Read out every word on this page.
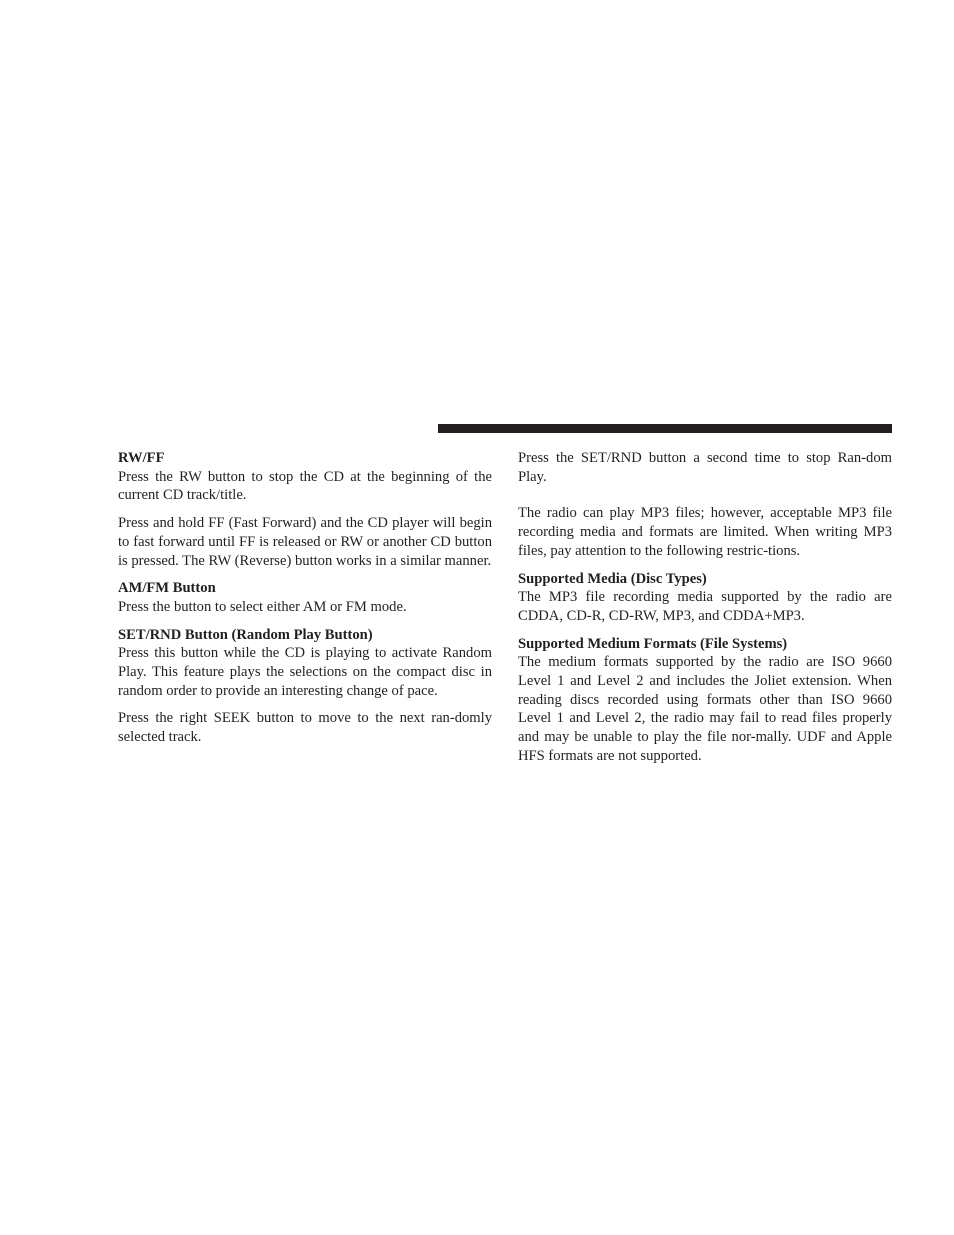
RW/FF

Press the RW button to stop the CD at the beginning of the current CD track/title.

Press and hold FF (Fast Forward) and the CD player will begin to fast forward until FF is released or RW or another CD button is pressed. The RW (Reverse) button works in a similar manner.

AM/FM Button

Press the button to select either AM or FM mode.

SET/RND Button (Random Play Button)

Press this button while the CD is playing to activate Random Play. This feature plays the selections on the compact disc in random order to provide an interesting change of pace.

Press the right SEEK button to move to the next ran-domly selected track.

Press the SET/RND button a second time to stop Ran-dom Play.

The radio can play MP3 files; however, acceptable MP3 file recording media and formats are limited. When writing MP3 files, pay attention to the following restric-tions.

Supported Media (Disc Types)

The MP3 file recording media supported by the radio are CDDA, CD-R, CD-RW, MP3, and CDDA+MP3.

Supported Medium Formats (File Systems)

The medium formats supported by the radio are ISO 9660 Level 1 and Level 2 and includes the Joliet extension. When reading discs recorded using formats other than ISO 9660 Level 1 and Level 2, the radio may fail to read files properly and may be unable to play the file nor-mally. UDF and Apple HFS formats are not supported.
